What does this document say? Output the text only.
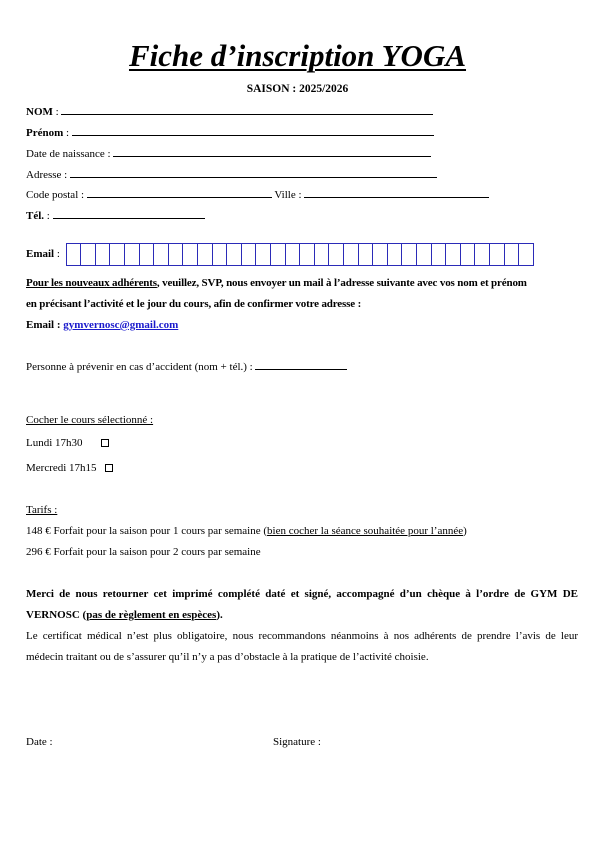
Fiche d’inscription YOGA
SAISON : 2025/2026
NOM :
Prénom :
Date de naissance :
Adresse :
Code postal :	Ville :
Tél. :
Email :
Pour les nouveaux adhérents, veuillez, SVP, nous envoyer un mail à l’adresse suivante avec vos nom et prénom
en précisant l’activité et le jour du cours, afin de confirmer votre adresse :
Email : gymvernosc@gmail.com
Personne à prévenir en cas d’accident (nom + tél.) :
Cocher le cours sélectionné :
Lundi 17h30
Mercredi 17h15
Tarifs :
148 € Forfait pour la saison pour 1 cours par semaine (bien cocher la séance souhaitée pour l’année)
296 € Forfait pour la saison pour 2 cours par semaine
Merci de nous retourner cet imprimé complété daté et signé, accompagné d’un chèque à l’ordre de GYM DE VERNOSC (pas de règlement en espèces).
Le certificat médical n’est plus obligatoire, nous recommandons néanmoins à nos adhérents de prendre l’avis de leur médecin traitant ou de s’assurer qu’il n’y a pas d’obstacle à la pratique de l’activité choisie.
Date :	Signature :
